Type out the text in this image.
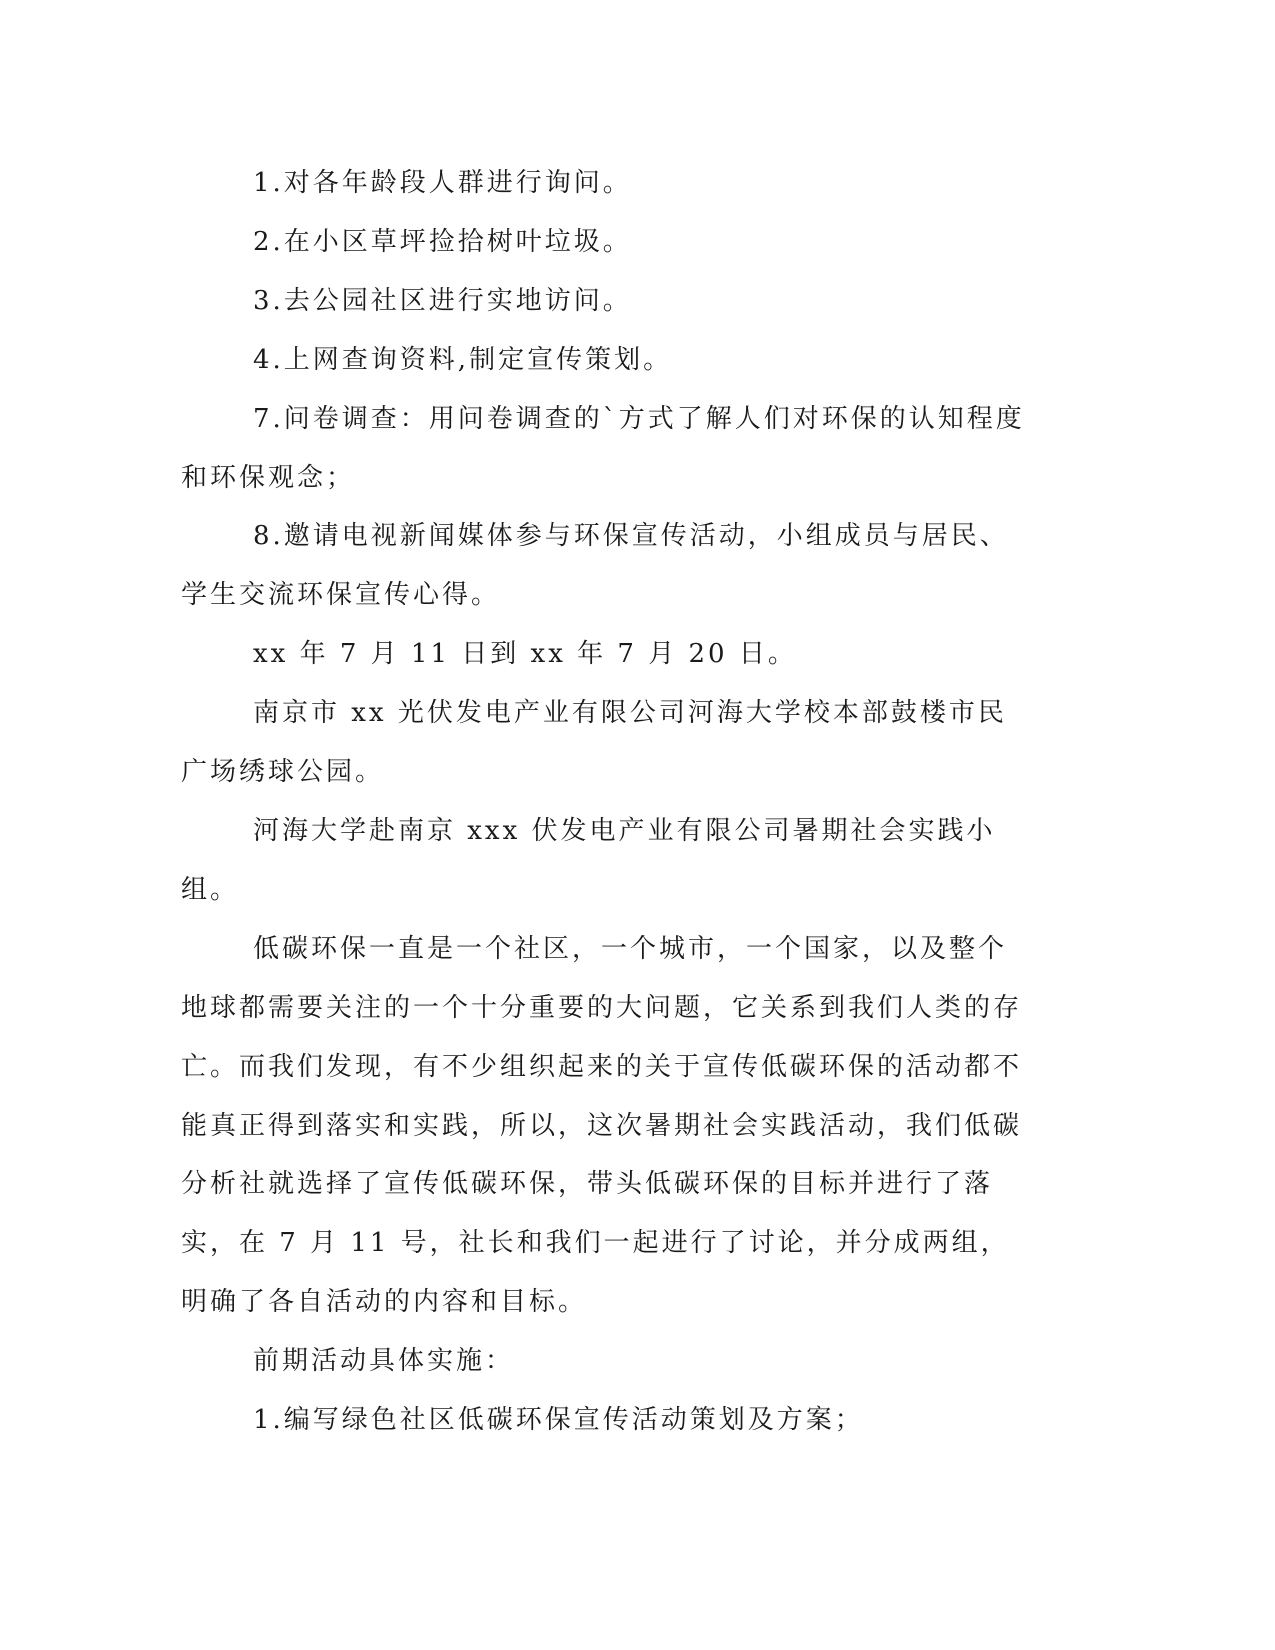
1.对各年龄段人群进行询问。

2.在小区草坪捡拾树叶垃圾。

3.去公园社区进行实地访问。

4.上网查询资料,制定宣传策划。

7.问卷调查：用问卷调查的`方式了解人们对环保的认知程度和环保观念；

8.邀请电视新闻媒体参与环保宣传活动，小组成员与居民、学生交流环保宣传心得。

xx 年 7 月 11 日到 xx 年 7 月 20 日。

南京市 xx 光伏发电产业有限公司河海大学校本部鼓楼市民广场绣球公园。

河海大学赴南京 xxx 伏发电产业有限公司暑期社会实践小组。

低碳环保一直是一个社区，一个城市，一个国家，以及整个地球都需要关注的一个十分重要的大问题，它关系到我们人类的存亡。而我们发现，有不少组织起来的关于宣传低碳环保的活动都不能真正得到落实和实践，所以，这次暑期社会实践活动，我们低碳分析社就选择了宣传低碳环保，带头低碳环保的目标并进行了落实，在 7 月 11 号，社长和我们一起进行了讨论，并分成两组，明确了各自活动的内容和目标。

前期活动具体实施：

1.编写绿色社区低碳环保宣传活动策划及方案；
